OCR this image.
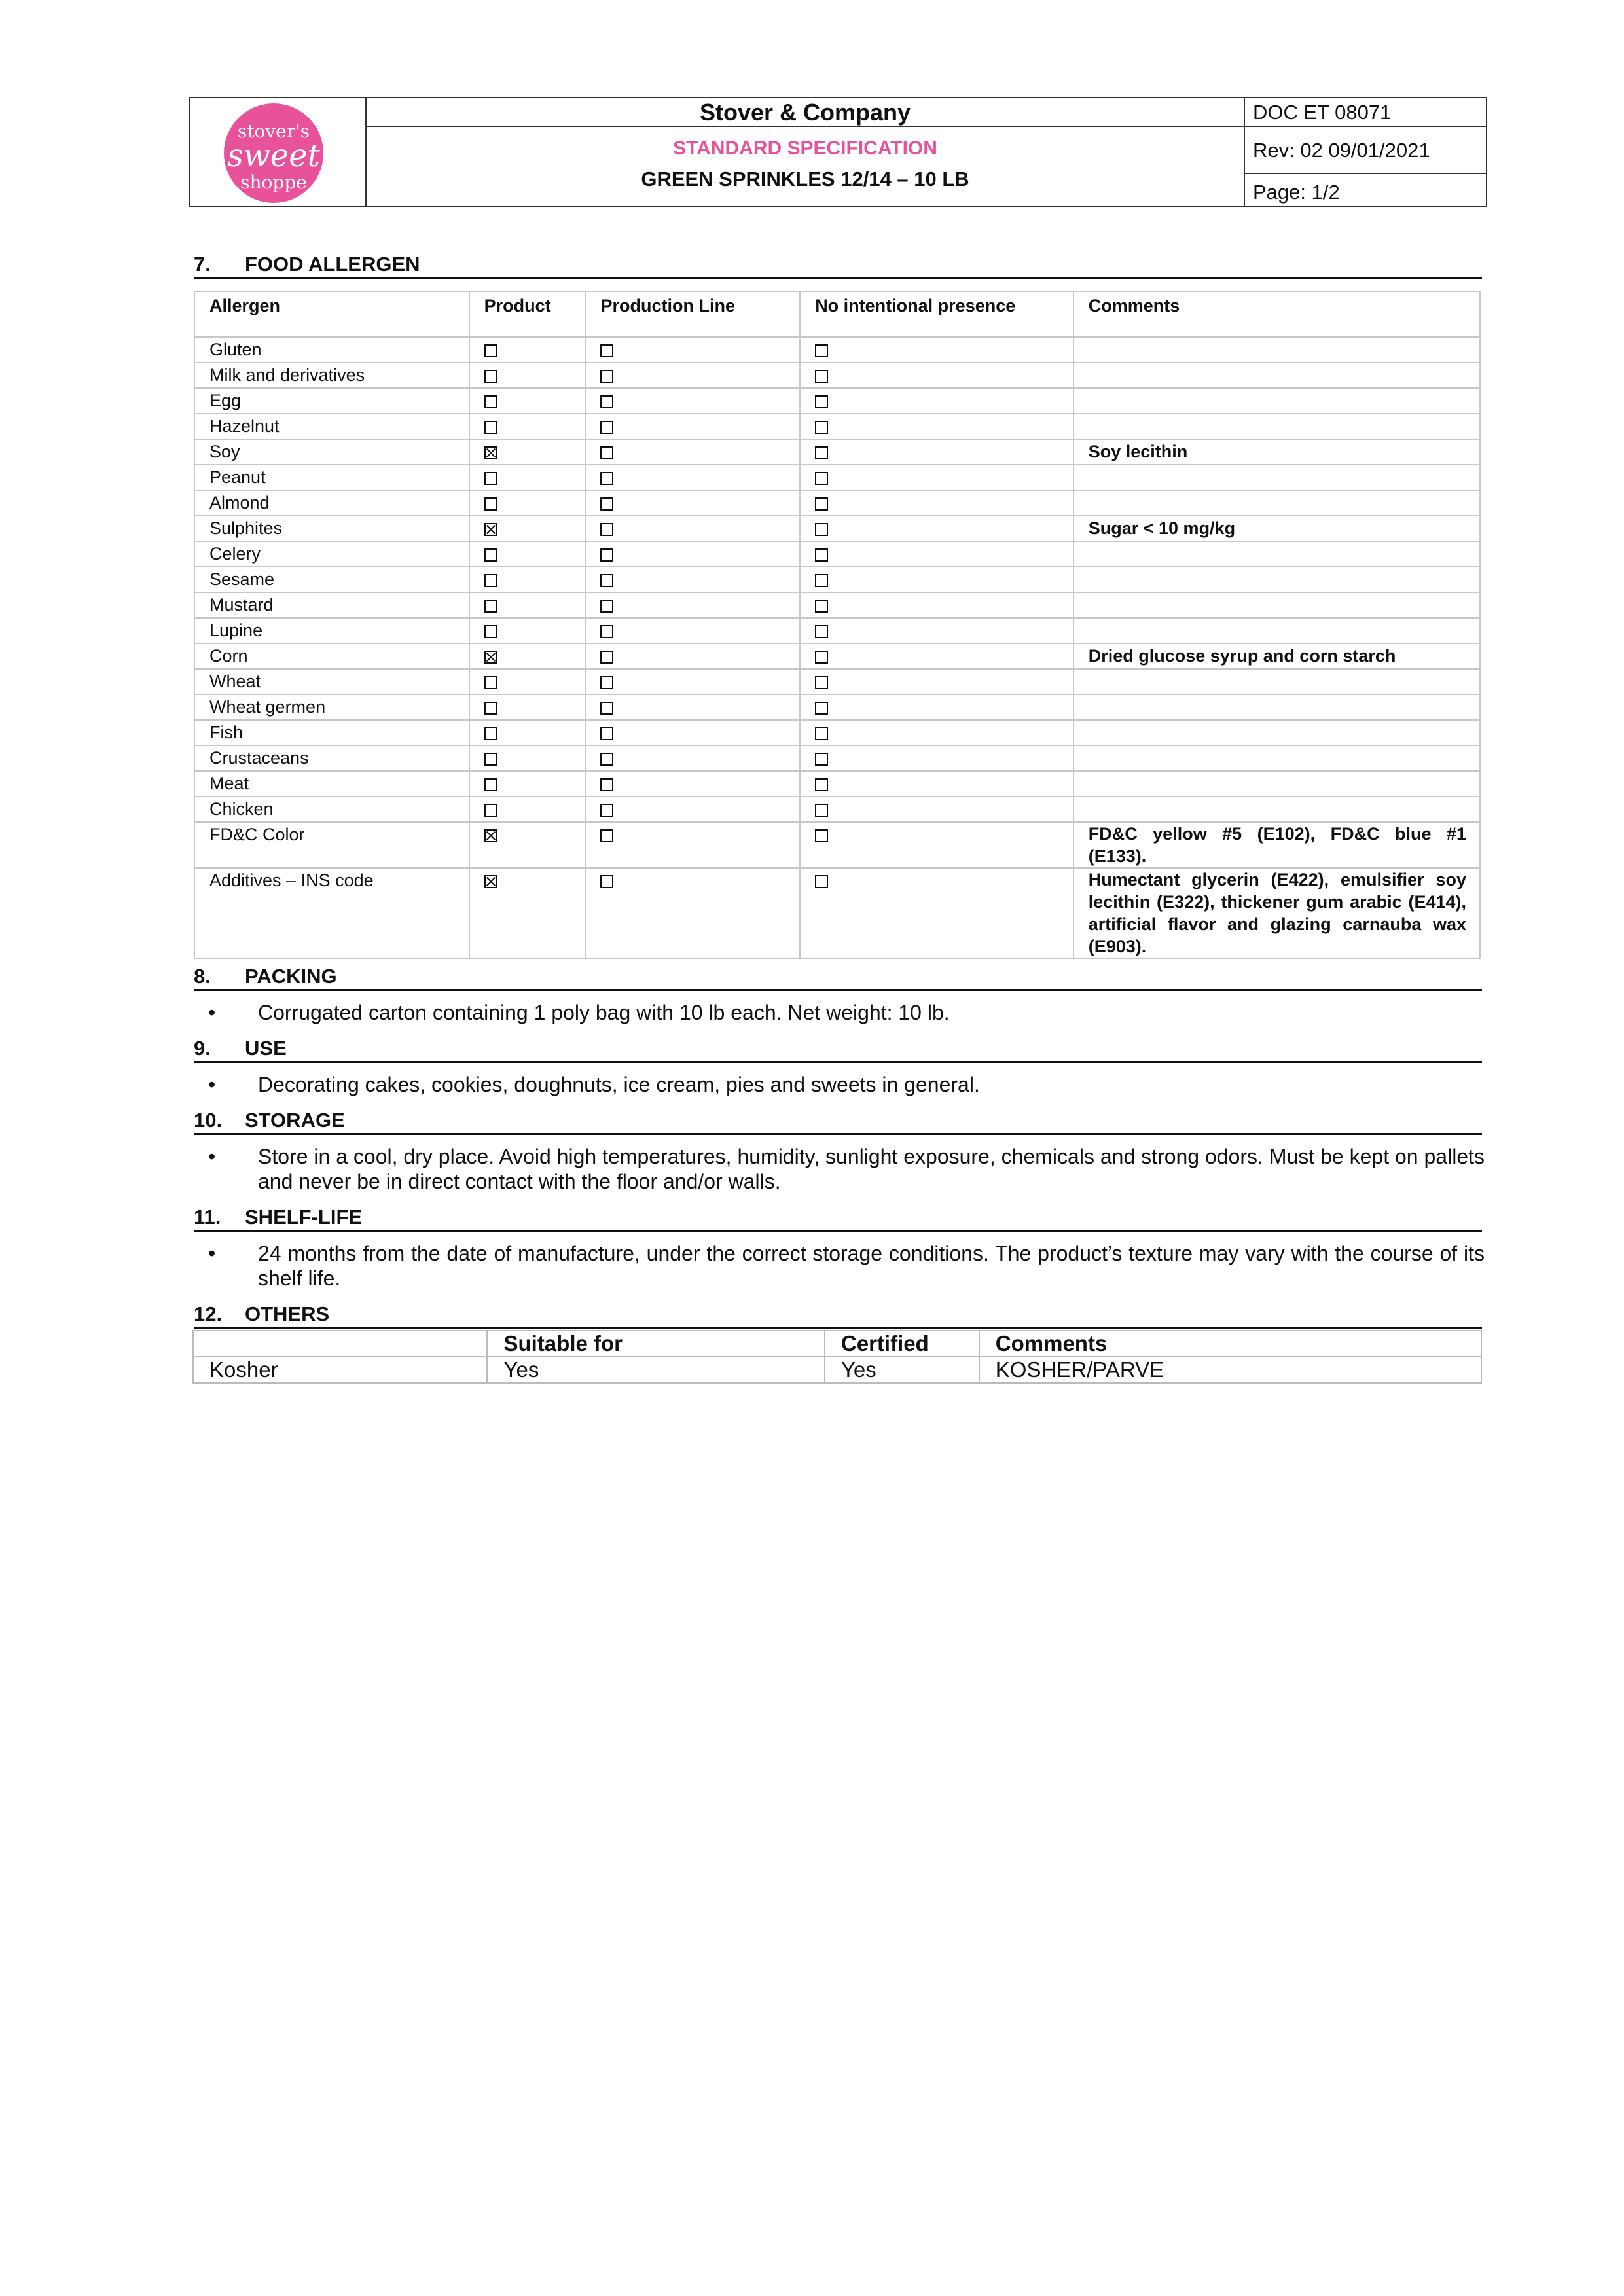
stover's
sweet
shoppe
Stover & Company
STANDARD SPECIFICATION
GREEN SPRINKLES 12/14 – 10 LB
DOC ET 08071
Rev: 02 09/01/2021
Page: 1/2
7. FOOD ALLERGEN
Allergen	Product	Production Line	No intentional presence	Comments
Gluten				
Milk and derivatives				
Egg				
Hazelnut				
Soy				Soy lecithin
Peanut				
Almond				
Sulphites				Sugar < 10 mg/kg
Celery				
Sesame				
Mustard				
Lupine				
Corn				Dried glucose syrup and corn starch
Wheat				
Wheat germen				
Fish				
Crustaceans				
Meat				
Chicken				
FD&C Color				FD&C yellow #5 (E102), FD&C blue #1 (E133).
Additives – INS code				Humectant glycerin (E422), emulsifier soy lecithin (E322), thickener gum arabic (E414), artificial flavor and glazing carnauba wax (E903).
8. PACKING
• Corrugated carton containing 1 poly bag with 10 lb each. Net weight: 10 lb.
9. USE
• Decorating cakes, cookies, doughnuts, ice cream, pies and sweets in general.
10. STORAGE
• Store in a cool, dry place. Avoid high temperatures, humidity, sunlight exposure, chemicals and strong odors. Must be kept on pallets and never be in direct contact with the floor and/or walls.
11. SHELF-LIFE
• 24 months from the date of manufacture, under the correct storage conditions. The product’s texture may vary with the course of its shelf life.
12. OTHERS
	Suitable for	Certified	Comments
Kosher	Yes	Yes	KOSHER/PARVE
